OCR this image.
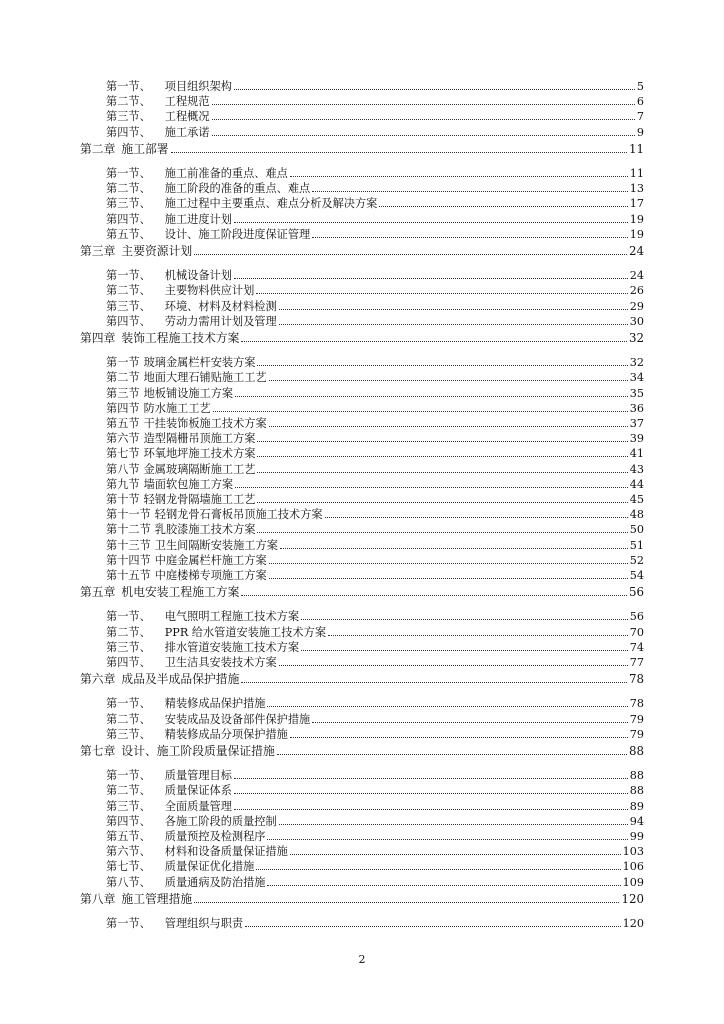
第一节、 项目组织架构	5
第二节、 工程规范	6
第三节、 工程概况	7
第四节、 施工承诺	9
第二章 施工部署	11
第一节、 施工前准备的重点、难点	11
第二节、 施工阶段的准备的重点、难点	13
第三节、 施工过程中主要重点、难点分析及解决方案	17
第四节、 施工进度计划	19
第五节、 设计、施工阶段进度保证管理	19
第三章 主要资源计划	24
第一节、 机械设备计划	24
第二节、 主要物料供应计划	26
第三节、 环境、材料及材料检测	29
第四节、 劳动力需用计划及管理	30
第四章 装饰工程施工技术方案	32
第一节 玻璃金属栏杆安装方案	32
第二节 地面大理石铺贴施工工艺	34
第三节 地板铺设施工方案	35
第四节 防水施工工艺	36
第五节 干挂装饰板施工技术方案	37
第六节 造型隔栅吊顶施工方案	39
第七节 环氧地坪施工技术方案	41
第八节 金属玻璃隔断施工工艺	43
第九节 墙面软包施工方案	44
第十节 轻钢龙骨隔墙施工工艺	45
第十一节 轻钢龙骨石膏板吊顶施工技术方案	48
第十二节 乳胶漆施工技术方案	50
第十三节 卫生间隔断安装施工方案	51
第十四节 中庭金属栏杆施工方案	52
第十五节 中庭楼梯专项施工方案	54
第五章 机电安装工程施工方案	56
第一节、 电气照明工程施工技术方案	56
第二节、 PPR 给水管道安装施工技术方案	70
第三节、 排水管道安装施工技术方案	74
第四节、 卫生洁具安装技术方案	77
第六章 成品及半成品保护措施	78
第一节、 精装修成品保护措施	78
第二节、 安装成品及设备部件保护措施	79
第三节、 精装修成品分项保护措施	79
第七章 设计、施工阶段质量保证措施	88
第一节、 质量管理目标	88
第二节、 质量保证体系	88
第三节、 全面质量管理	89
第四节、 各施工阶段的质量控制	94
第五节、 质量预控及检测程序	99
第六节、 材料和设备质量保证措施	103
第七节、 质量保证优化措施	106
第八节、 质量通病及防治措施	109
第八章 施工管理措施	120
第一节、 管理组织与职责	120
2
